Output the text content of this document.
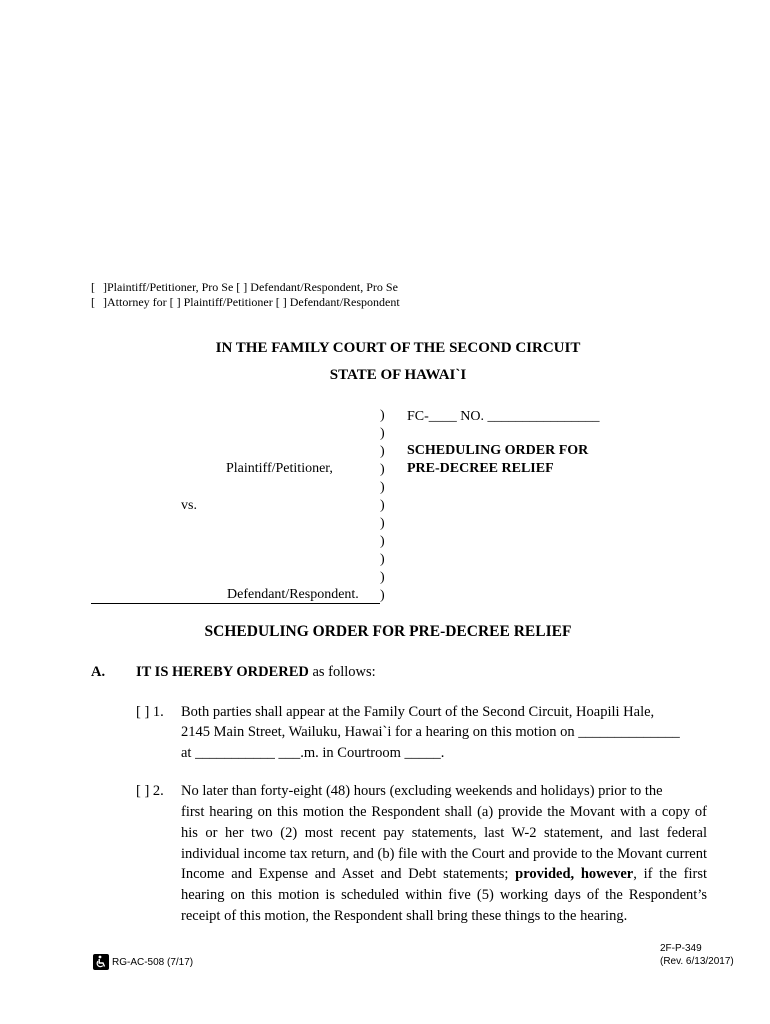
[ ]Plaintiff/Petitioner, Pro Se [ ] Defendant/Respondent, Pro Se
[ ]Attorney for [ ] Plaintiff/Petitioner [ ] Defendant/Respondent
IN THE FAMILY COURT OF THE SECOND CIRCUIT
STATE OF HAWAI`I
)
)
)
)
)
)
)
)
)
)
)
Plaintiff/Petitioner,
vs.
Defendant/Respondent.
FC-____ NO. ________________
SCHEDULING ORDER FOR
PRE-DECREE RELIEF
SCHEDULING ORDER FOR PRE-DECREE RELIEF
A. IT IS HEREBY ORDERED as follows:
[ ] 1. Both parties shall appear at the Family Court of the Second Circuit, Hoapili Hale,
2145 Main Street, Wailuku, Hawai`i for a hearing on this motion on ______________
at ___________ ___.m. in Courtroom _____.
[ ] 2. No later than forty-eight (48) hours (excluding weekends and holidays) prior to the
first hearing on this motion the Respondent shall (a) provide the Movant with a copy of his or her two (2) most recent pay statements, last W-2 statement, and last federal individual income tax return, and (b) file with the Court and provide to the Movant current Income and Expense and Asset and Debt statements; provided, however, if the first hearing on this motion is scheduled within five (5) working days of the Respondent’s receipt of this motion, the Respondent shall bring these things to the hearing.
RG-AC-508 (7/17)
2F-P-349
(Rev. 6/13/2017)
